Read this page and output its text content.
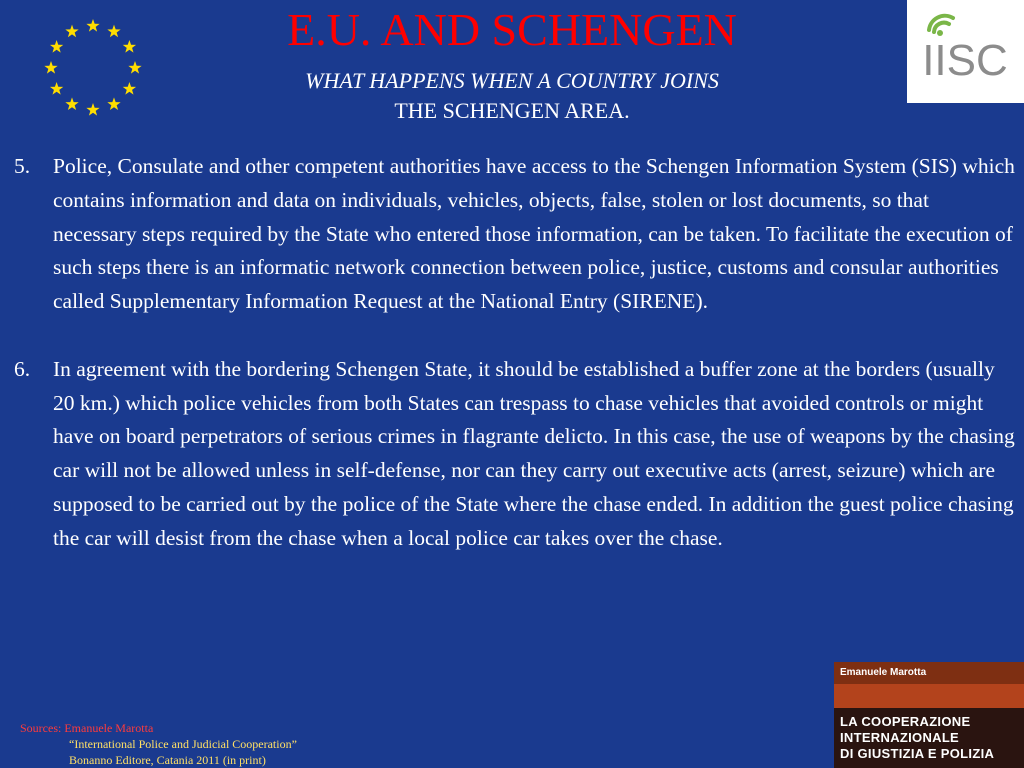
E.U. AND SCHENGEN
WHAT HAPPENS WHEN A COUNTRY JOINS
THE SCHENGEN AREA.
IISC
5.	Police, Consulate and other competent authorities have access to the Schengen Information System (SIS) which contains information and data on individuals, vehicles, objects, false, stolen or lost documents, so that necessary steps required by the State who entered those information, can be taken. To facilitate the execution of such steps there is an informatic network connection between police, justice, customs and consular authorities called Supplementary Information Request at the National Entry (SIRENE).
6.	In agreement with the bordering Schengen State, it should be established a buffer zone at the borders (usually 20 km.) which police vehicles from both States can trespass to chase vehicles that avoided controls or might have on board perpetrators of serious crimes in flagrante delicto. In this case, the use of weapons by the chasing car will not be allowed unless in self-defense, nor can they carry out executive acts (arrest, seizure) which are supposed to be carried out by the police of the State where the chase ended. In addition the guest police chasing the car will desist from the chase when a local police car takes over the chase.
Sources: Emanuele Marotta
“International Police and Judicial Cooperation”
Bonanno Editore, Catania 2011 (in print)
Emanuele Marotta
LA COOPERAZIONE
INTERNAZIONALE
DI GIUSTIZIA E POLIZIA
